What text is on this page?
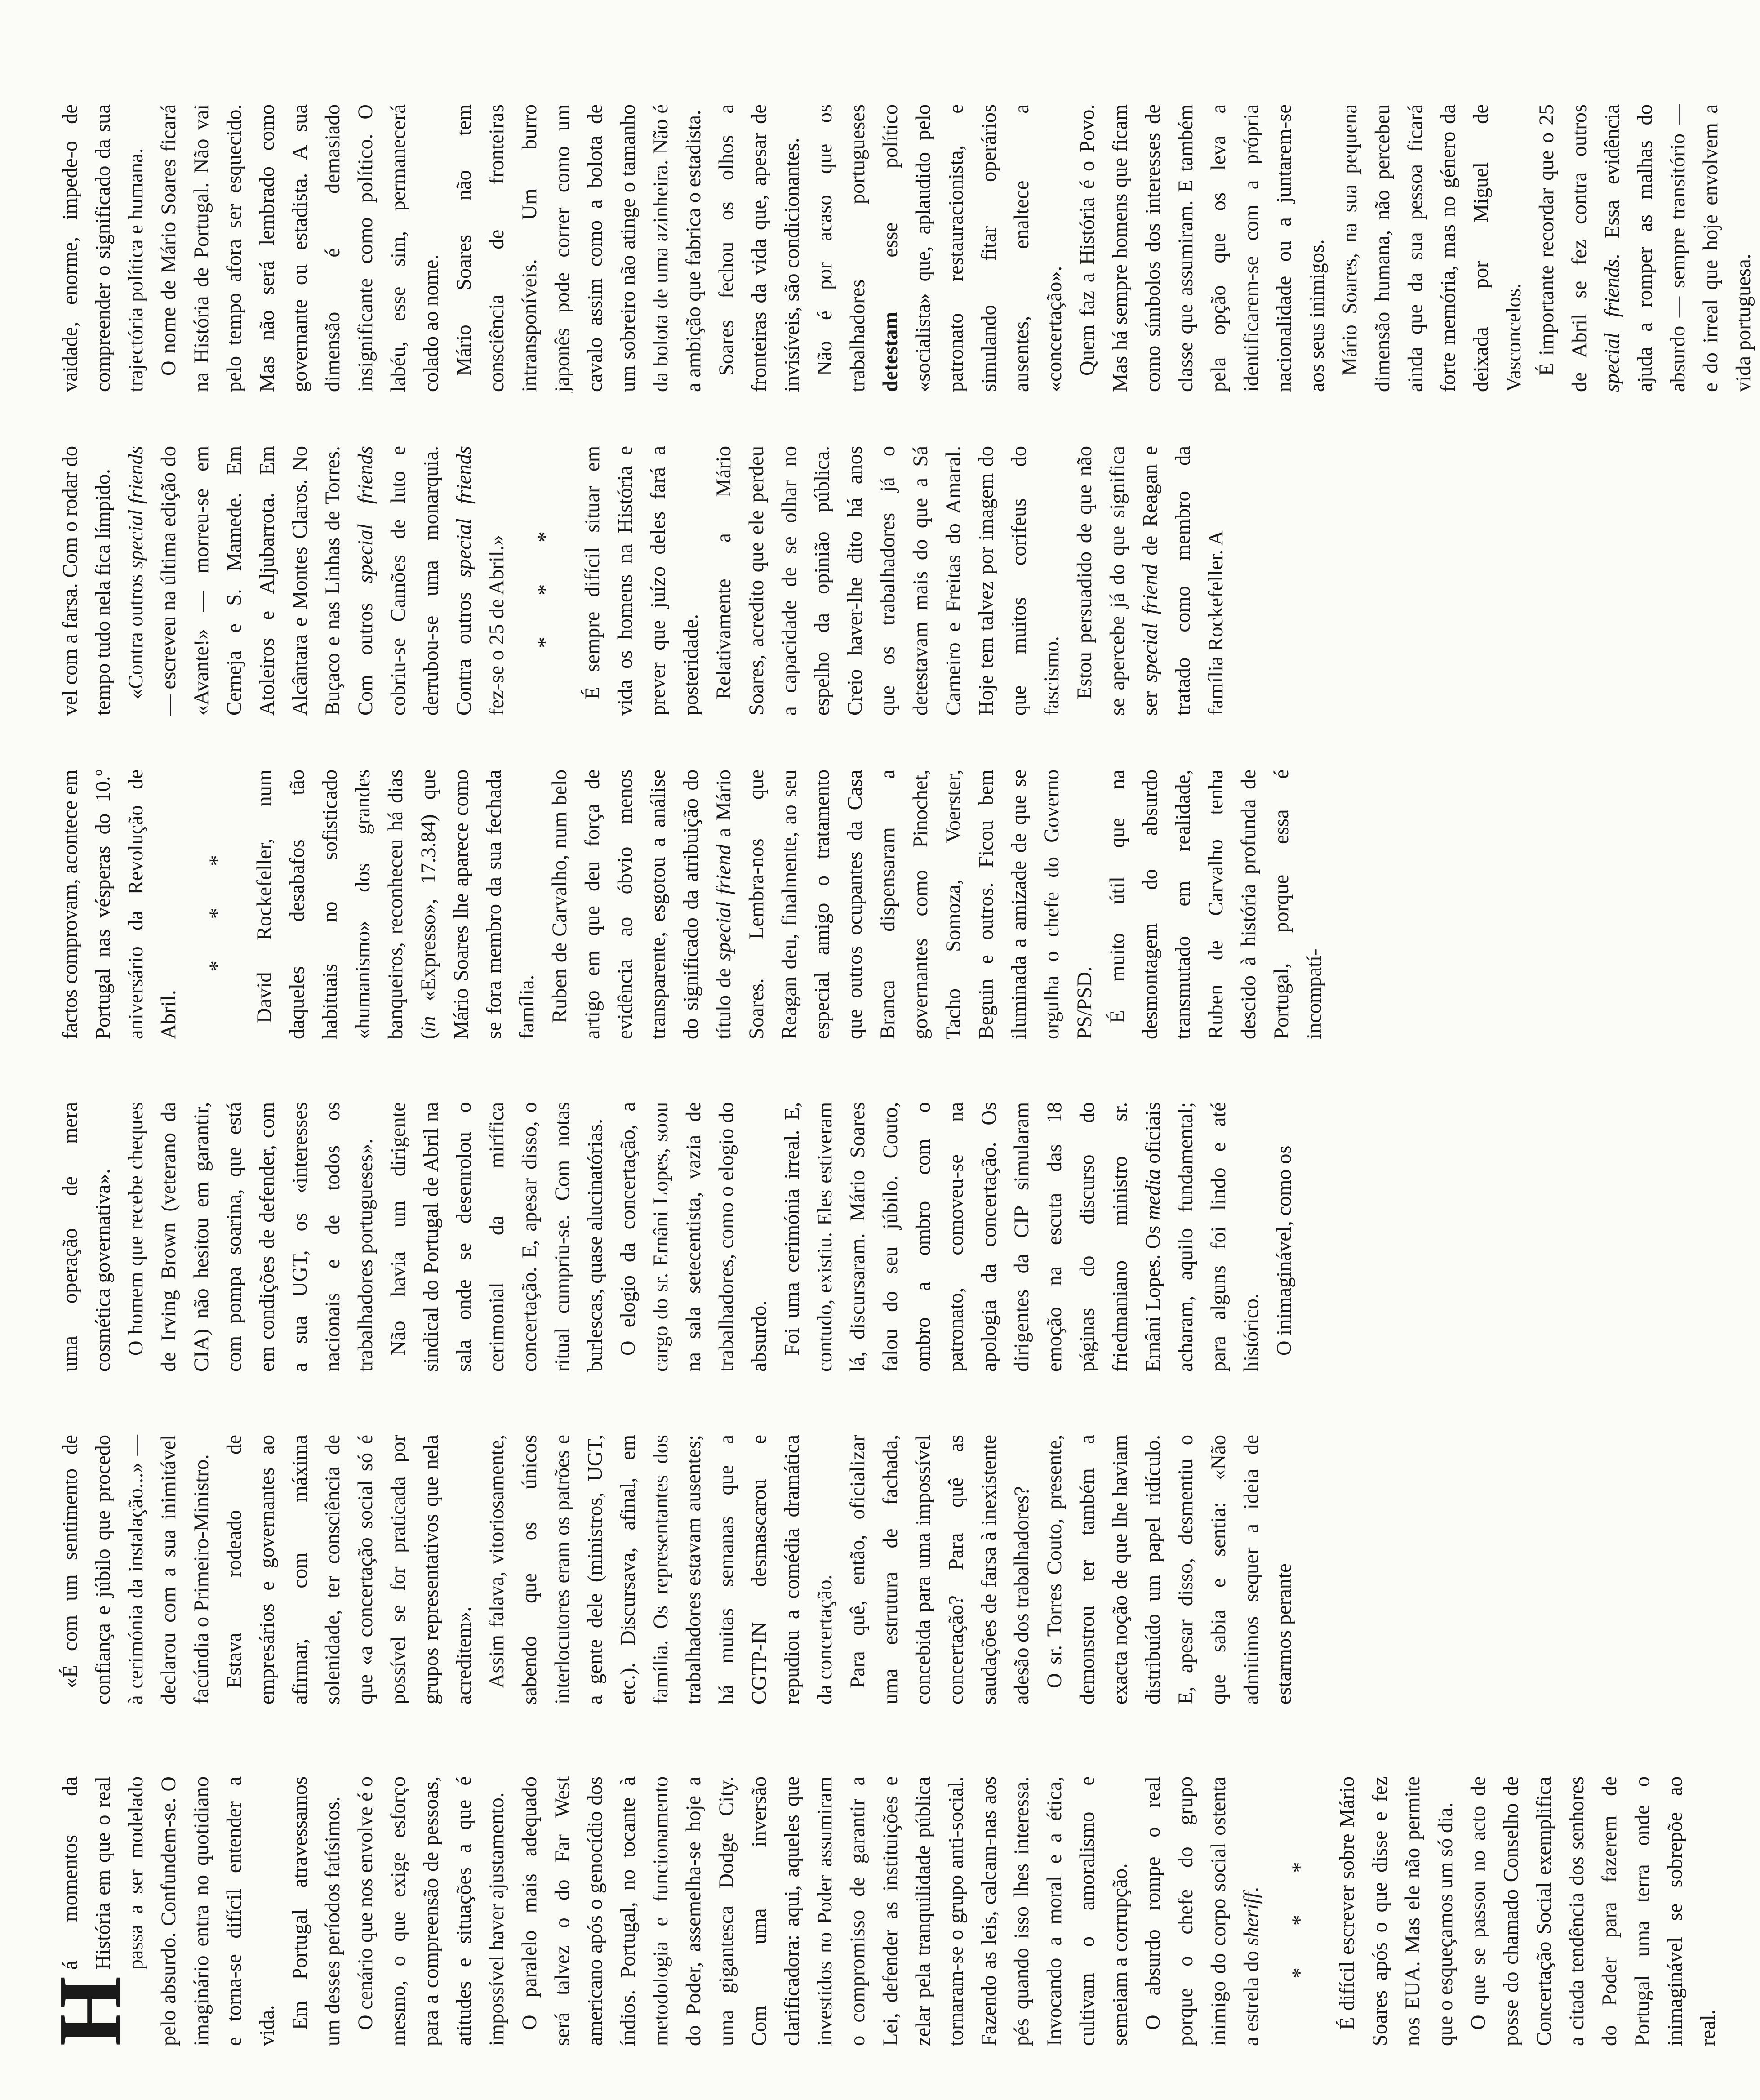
H
á momentos da História em que o real passa a ser modelado pelo absurdo. Confundem-se. O imaginário entra no quotidiano e torna-se difícil entender a vida. Em Portugal atravessamos um desses períodos fatísimos. O cenário que nos envolve é o mesmo, o que exige esforço para a compreensão de pessoas, atitudes e situações a que é impossível haver ajustamento. O paralelo mais adequado será talvez o do Far West americano após o genocídio dos índios. Portugal, no tocante à metodologia e funcionamento do Poder, assemelha-se hoje a uma gigantesca Dodge City. Com uma inversão clarificadora: aqui, aqueles que investidos no Poder assumiram o compromisso de garantir a Lei, defender as instituições e zelar pela tranquilidade pública tornaram-se o grupo anti-social. Fazendo as leis, calcam-nas aos pés quando isso lhes interessa. Invocando a moral e a ética, cultivam o amoralismo e semeiam a corrupção. O absurdo rompe o real porque o chefe do grupo inimigo do corpo social ostenta a estrela do sheriff. * * * É difícil escrever sobre Mário Soares após o que disse e fez nos EUA. Mas ele não permite que o esqueçamos um só dia. O que se passou no acto de posse do chamado Conselho de Concertação Social exemplifica a citada tendência dos senhores do Poder para fazerem de Portugal uma terra onde o inimaginável se sobrepõe ao real.

«É com um sentimento de confiança e júbilo que procedo à cerimónia da instalação...» — declarou com a sua inimitável facúndia o Primeiro-Ministro. Estava rodeado de empresários e governantes ao afirmar, com máxima solenidade, ter consciência de que «a concertação social só é possível se for praticada por grupos representativos que nela acreditem». Assim falava, vitoriosamente, sabendo que os únicos interlocutores eram os patrões e a gente dele (ministros, UGT, etc.). Discursava, afinal, em família. Os representantes dos trabalhadores estavam ausentes; há muitas semanas que a CGTP-IN desmascarou e repudiou a comédia dramática da concertação. Para quê, então, oficializar uma estrutura de fachada, concebida para uma impossível concertação? Para quê as saudações de farsa à inexistente adesão dos trabalhadores? O sr. Torres Couto, presente, demonstrou ter também a exacta noção de que lhe haviam distribuído um papel ridículo. E, apesar disso, desmentiu o que sabia e sentia: «Não admitimos sequer a ideia de estarmos perante

uma operação de mera cosmética governativa». O homem que recebe cheques de Irving Brown (veterano da CIA) não hesitou em garantir, com pompa soarina, que está em condições de defender, com a sua UGT, os «interesses nacionais e de todos os trabalhadores portugueses». Não havia um dirigente sindical do Portugal de Abril na sala onde se desenrolou o cerimonial da mirífica concertação. E, apesar disso, o ritual cumpriu-se. Com notas burlescas, quase alucinatórias. O elogio da concertação, a cargo do sr. Ernâni Lopes, soou na sala setecentista, vazia de trabalhadores, como o elogio do absurdo. Foi uma cerimónia irreal. E, contudo, existiu. Eles estiveram lá, discursaram. Mário Soares falou do seu júbilo. Couto, ombro a ombro com o patronato, comoveu-se na apologia da concertação. Os dirigentes da CIP simularam emoção na escuta das 18 páginas do discurso do friedmaniano ministro sr. Ernâni Lopes. Os media oficiais acharam, aquilo fundamental; para alguns foi lindo e até histórico. O inimaginável, como os

factos comprovam, acontece em Portugal nas vésperas do 10.º aniversário da Revolução de Abril.

* * * David Rockefeller, num daqueles desabafos tão habituais no sofisticado «humanismo» dos grandes banqueiros, reconheceu há dias (in «Expresso», 17.3.84) que Mário Soares lhe aparece como se fora membro da sua fechada família. Ruben de Carvalho, num belo artigo em que deu força de evidência ao óbvio menos transparente, esgotou a análise do significado da atribuição do título de special friend a Mário Soares. Lembra-nos que Reagan deu, finalmente, ao seu especial amigo o tratamento que outros ocupantes da Casa Branca dispensaram a governantes como Pinochet, Tacho Somoza, Voerster, Beguin e outros. Ficou bem iluminada a amizade de que se orgulha o chefe do Governo PS/PSD. É muito útil que na desmontagem do absurdo transmutado em realidade, Ruben de Carvalho tenha descido à história profunda de Portugal, porque essa é incompatí-

vel com a farsa. Com o rodar do tempo tudo nela fica límpido. «Contra outros special friends — escreveu na última edição do «Avante!» — morreu-se em Cerneja e S. Mamede. Em Atoleiros e Aljubarrota. Em Alcântara e Montes Claros. No Buçaco e nas Linhas de Torres. Com outros special friends cobriu-se Camões de luto e derrubou-se uma monarquia. Contra outros special friends fez-se o 25 de Abril.» * * * É sempre difícil situar em vida os homens na História e prever que juízo deles fará a posteridade. Relativamente a Mário Soares, acredito que ele perdeu a capacidade de se olhar no espelho da opinião pública. Creio haver-lhe dito há anos que os trabalhadores já o detestavam mais do que a Sá Carneiro e Freitas do Amaral. Hoje tem talvez por imagem do que muitos corifeus do fascismo. Estou persuadido de que não se apercebe já do que significa ser special friend de Reagan e tratado como membro da família Rockefeller. A

vaidade, enorme, impede-o de compreender o significado da sua trajectória política e humana. O nome de Mário Soares ficará na História de Portugal. Não vai pelo tempo afora ser esquecido. Mas não será lembrado como governante ou estadista. A sua dimensão é demasiado insignificante como político. O labéu, esse sim, permanecerá colado ao nome. Mário Soares não tem consciência de fronteiras intransponíveis. Um burro japonês pode correr como um cavalo assim como a bolota de um sobreiro não atinge o tamanho da bolota de uma azinheira. Não é a ambição que fabrica o estadista. Soares fechou os olhos a fronteiras da vida que, apesar de invisíveis, são condicionantes. Não é por acaso que os trabalhadores portugueses detestam esse político «socialista» que, aplaudido pelo patronato restauracionista, e simulando fitar operários ausentes, enaltece a «concertação». Quem faz a História é o Povo. Mas há sempre homens que ficam como símbolos dos interesses de classe que assumiram. E também pela opção que os leva a identificarem-se com a própria nacionalidade ou a juntarem-se aos seus inimigos. Mário Soares, na sua pequena dimensão humana, não percebeu ainda que da sua pessoa ficará forte memória, mas no género da deixada por Miguel de Vasconcelos. É importante recordar que o 25 de Abril se fez contra outros special friends. Essa evidência ajuda a romper as malhas do absurdo — sempre transitório — e do irreal que hoje envolvem a vida portuguesa.
